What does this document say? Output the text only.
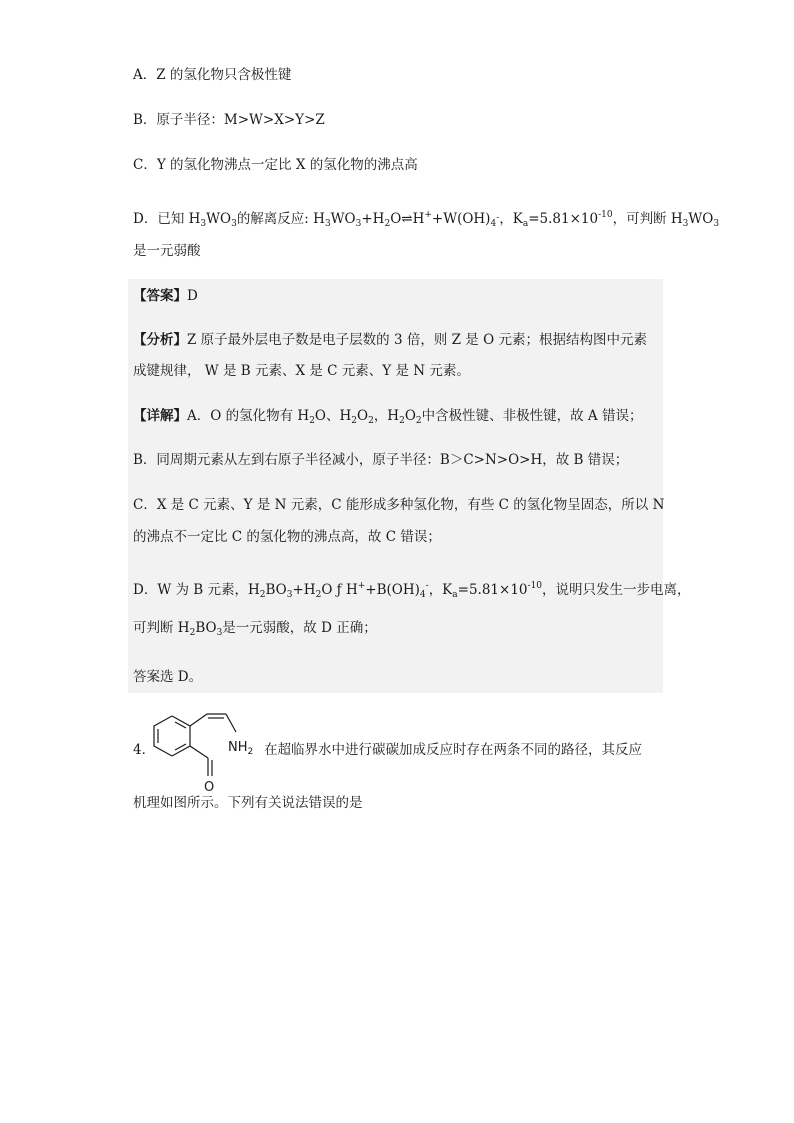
A．Z 的氢化物只含极性键
B．原子半径：M>W>X>Y>Z
C．Y 的氢化物沸点一定比 X 的氢化物的沸点高
D．已知 $H_3WO_3$的解离反应: $H_3WO_3+H_2O\rightleftharpoons H^++W(OH)_{4^-}$，$K_a=5.81\times 10^{-10}$，可判断 $H_3WO_3$
是一元弱酸
【答案】D
【分析】Z 原子最外层电子数是电子层数的 3 倍，则 Z 是 O 元素；根据结构图中元素
成键规律， W 是 B 元素、X 是 C 元素、Y 是 N 元素。
【详解】A．O 的氢化物有 $H_2O$、$H_2O_2$，$H_2O_2$中含极性键、非极性键，故 A 错误；
B．同周期元素从左到右原子半径减小，原子半径：B＞C>N>O>H，故 B 错误；
C．X 是 C 元素、Y 是 N 元素，C 能形成多种氢化物，有些 C 的氢化物呈固态，所以 N
的沸点不一定比 C 的氢化物的沸点高，故 C 错误；
D．W 为 B 元素，$H_2BO_3+H_2O$ ƒ $H^++B(OH)_4^-$，$K_a=5.81\times 10^{-10}$，说明只发生一步电离，
可判断 $H_2BO_3$是一元弱酸，故 D 正确；
答案选 D。
4．	$NH_2$
O
在超临界水中进行碳碳加成反应时存在两条不同的路径，其反应
机理如图所示。下列有关说法错误的是
